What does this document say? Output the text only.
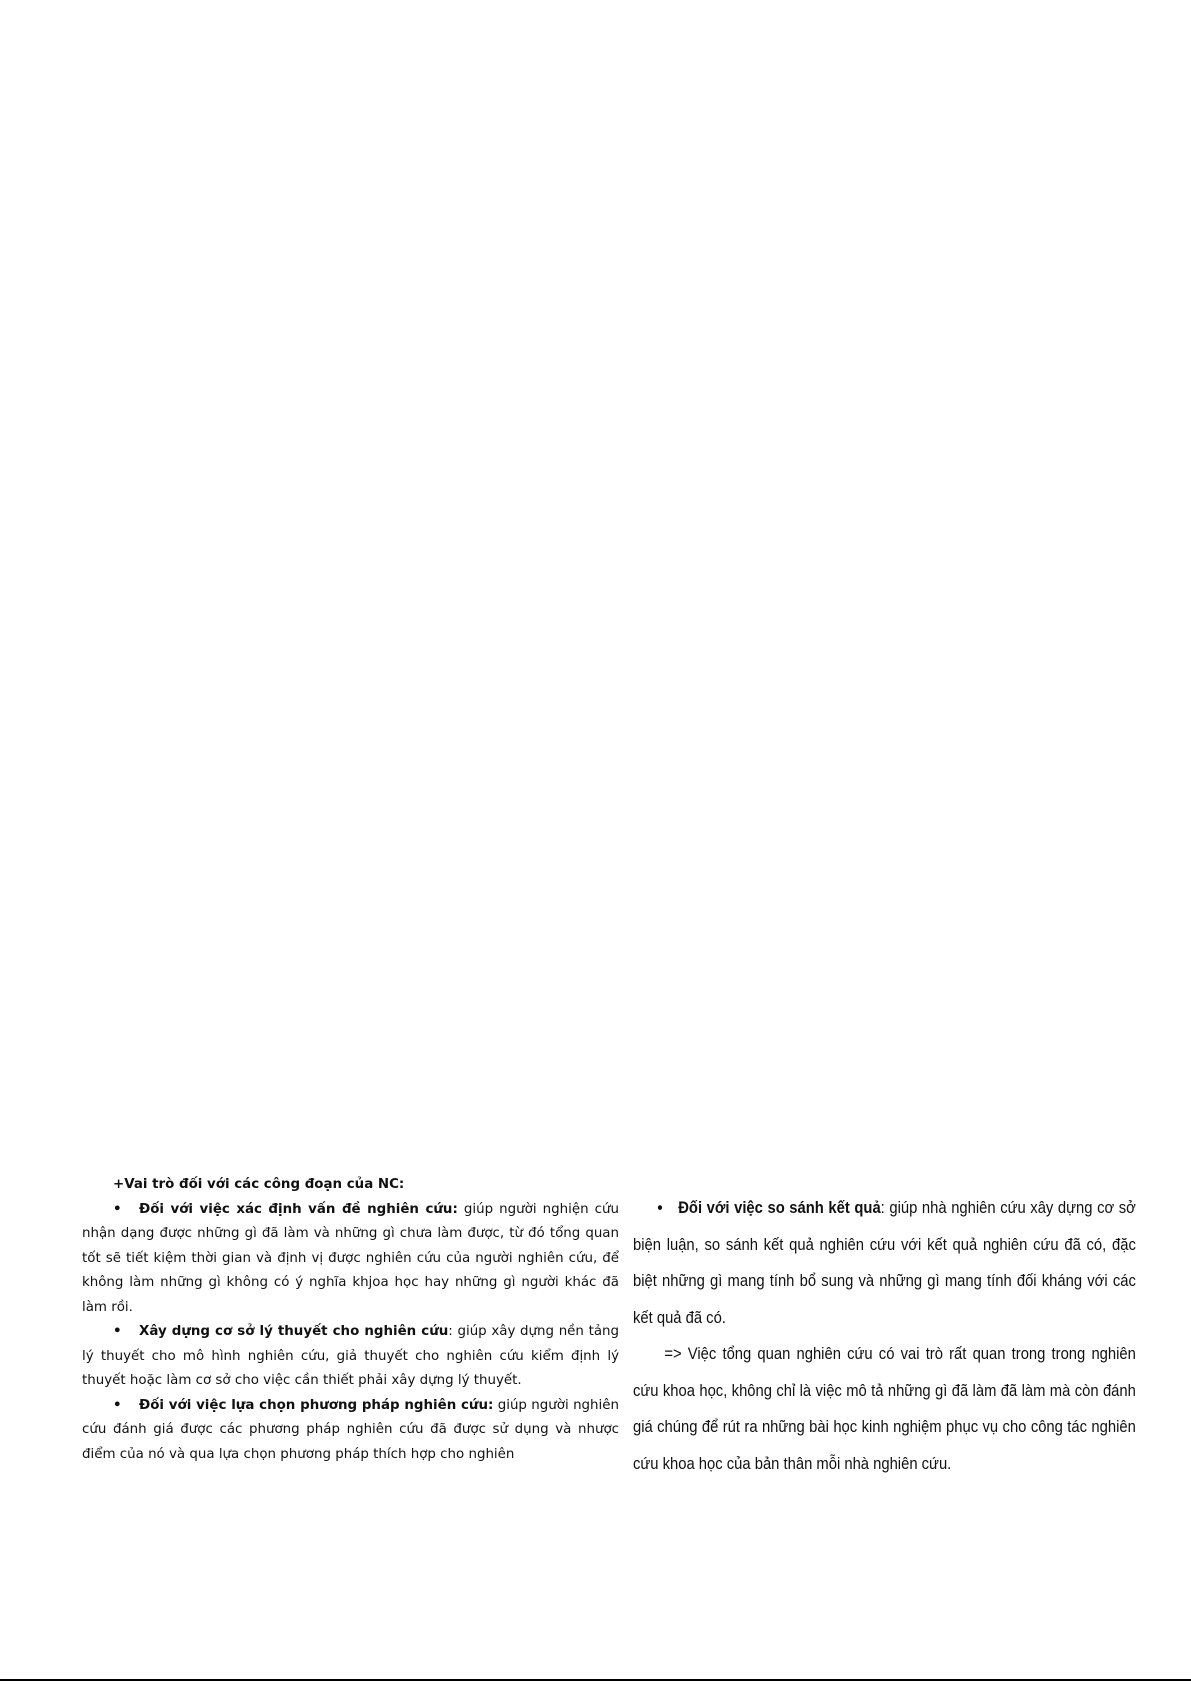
+Vai trò đối với các công đoạn của NC:

• Đối với việc xác định vấn đề nghiên cứu: giúp người nghiện cứu nhận dạng được những gì đã làm và những gì chưa làm được, từ đó tổng quan tốt sẽ tiết kiệm thời gian và định vị được nghiên cứu của người nghiên cứu, để không làm những gì không có ý nghĩa khjoa học hay những gì người khác đã làm rồi.

• Xây dựng cơ sở lý thuyết cho nghiên cứu: giúp xây dựng nền tảng lý thuyết cho mô hình nghiên cứu, giả thuyết cho nghiên cứu kiểm định lý thuyết hoặc làm cơ sở cho việc cần thiết phải xây dựng lý thuyết.

• Đối với việc lựa chọn phương pháp nghiên cứu: giúp người nghiên cứu đánh giá được các phương pháp nghiên cứu đã được sử dụng và nhược điểm của nó và qua lựa chọn phương pháp thích hợp cho nghiên

• Đối với việc so sánh kết quả: giúp nhà nghiên cứu xây dựng cơ sở biện luận, so sánh kết quả nghiên cứu với kết quả nghiên cứu đã có, đặc biệt những gì mang tính bổ sung và những gì mang tính đối kháng với các kết quả đã có.

=> Việc tổng quan nghiên cứu có vai trò rất quan trong trong nghiên cứu khoa học, không chỉ là việc mô tả những gì đã làm đã làm mà còn đánh giá chúng để rút ra những bài học kinh nghiệm phục vụ cho công tác nghiên cứu khoa học của bản thân mỗi nhà nghiên cứu.
